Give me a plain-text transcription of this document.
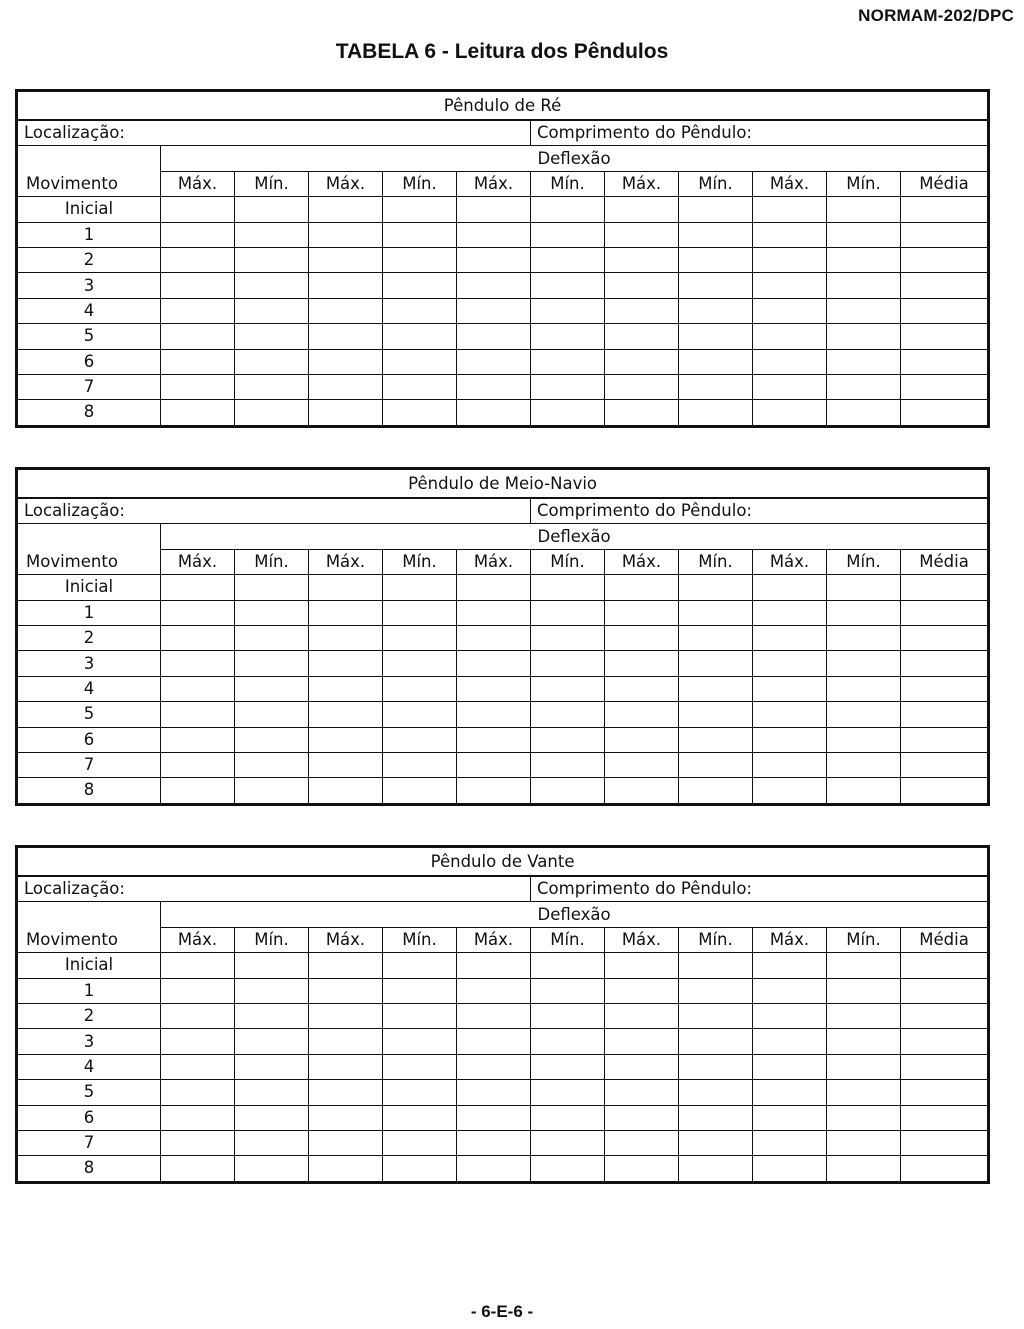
NORMAM-202/DPC
TABELA 6 - Leitura dos Pêndulos
Pêndulo de Ré											
Localização:						Comprimento do Pêndulo:					
	Deflexão										
Movimento	Máx.	Mín.	Máx.	Mín.	Máx.	Mín.	Máx.	Mín.	Máx.	Mín.	Média
Inicial											
1											
2											
3											
4											
5											
6											
7											
8											
Pêndulo de Meio-Navio											
Localização:						Comprimento do Pêndulo:					
	Deflexão										
Movimento	Máx.	Mín.	Máx.	Mín.	Máx.	Mín.	Máx.	Mín.	Máx.	Mín.	Média
Inicial											
1											
2											
3											
4											
5											
6											
7											
8											
Pêndulo de Vante											
Localização:						Comprimento do Pêndulo:					
	Deflexão										
Movimento	Máx.	Mín.	Máx.	Mín.	Máx.	Mín.	Máx.	Mín.	Máx.	Mín.	Média
Inicial											
1											
2											
3											
4											
5											
6											
7											
8											
- 6-E-6 -
